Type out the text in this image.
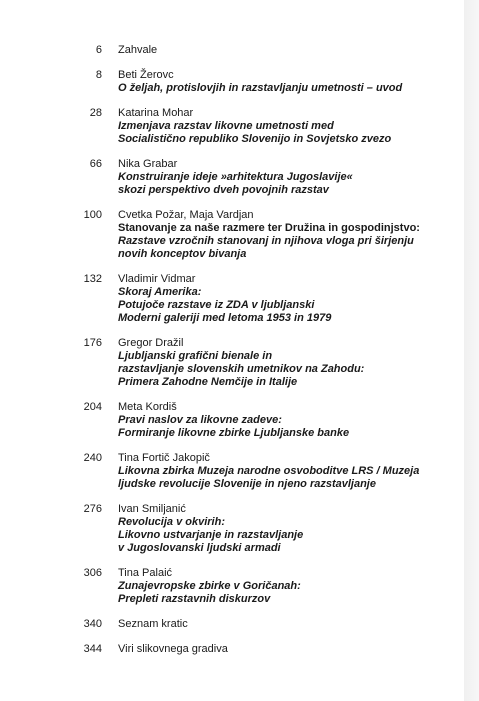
6 Zahvale
8 Beti Žerovc
O željah, protislovjih in razstavljanju umetnosti – uvod
28 Katarina Mohar
Izmenjava razstav likovne umetnosti med
Socialistično republiko Slovenijo in Sovjetsko zvezo
66 Nika Grabar
Konstruiranje ideje »arhitektura Jugoslavije«
skozi perspektivo dveh povojnih razstav
100 Cvetka Požar, Maja Vardjan
Stanovanje za naše razmere ter Družina in gospodinjstvo:
Razstave vzročnih stanovanj in njihova vloga pri širjenju
novih konceptov bivanja
132 Vladimir Vidmar
Skoraj Amerika:
Potujoče razstave iz ZDA v ljubljanski
Moderni galeriji med letoma 1953 in 1979
176 Gregor Dražil
Ljubljanski grafični bienale in
razstavljanje slovenskih umetnikov na Zahodu:
Primera Zahodne Nemčije in Italije
204 Meta Kordiš
Pravi naslov za likovne zadeve:
Formiranje likovne zbirke Ljubljanske banke
240 Tina Fortič Jakopič
Likovna zbirka Muzeja narodne osvoboditve LRS / Muzeja
ljudske revolucije Slovenije in njeno razstavljanje
276 Ivan Smiljanić
Revolucija v okvirih:
Likovno ustvarjanje in razstavljanje
v Jugoslovanski ljudski armadi
306 Tina Palaić
Zunajevropske zbirke v Goričanah:
Prepleti razstavnih diskurzov
340 Seznam kratic
344 Viri slikovnega gradiva
